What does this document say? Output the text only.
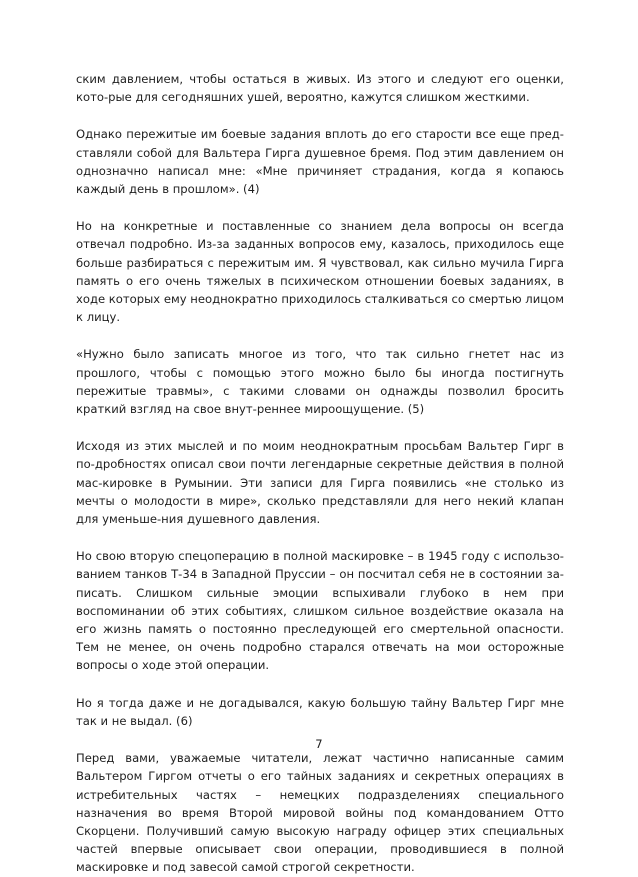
ским давлением, чтобы остаться в живых. Из этого и следуют его оценки, кото-рые для сегодняшних ушей, вероятно, кажутся слишком жесткими.

Однако пережитые им боевые задания вплоть до его старости все еще пред-ставляли собой для Вальтера Гирга душевное бремя. Под этим давлением он однозначно написал мне: «Мне причиняет страдания, когда я копаюсь каждый день в прошлом». (4)

Но на конкретные и поставленные со знанием дела вопросы он всегда отвечал подробно. Из-за заданных вопросов ему, казалось, приходилось еще больше разбираться с пережитым им. Я чувствовал, как сильно мучила Гирга память о его очень тяжелых в психическом отношении боевых заданиях, в ходе которых ему неоднократно приходилось сталкиваться со смертью лицом к лицу.

«Нужно было записать многое из того, что так сильно гнетет нас из прошлого, чтобы с помощью этого можно было бы иногда постигнуть пережитые травмы», с такими словами он однажды позволил бросить краткий взгляд на свое внут-реннее мироощущение. (5)

Исходя из этих мыслей и по моим неоднократным просьбам Вальтер Гирг в по-дробностях описал свои почти легендарные секретные действия в полной мас-кировке в Румынии. Эти записи для Гирга появились «не столько из мечты о молодости в мире», сколько представляли для него некий клапан для уменьше-ния душевного давления.

Но свою вторую спецоперацию в полной маскировке – в 1945 году с использо-ванием танков Т-34 в Западной Пруссии – он посчитал себя не в состоянии за-писать. Слишком сильные эмоции вспыхивали глубоко в нем при воспоминании об этих событиях, слишком сильное воздействие оказала на его жизнь память о постоянно преследующей его смертельной опасности. Тем не менее, он очень подробно старался отвечать на мои осторожные вопросы о ходе этой операции.

Но я тогда даже и не догадывался, какую большую тайну Вальтер Гирг мне так и не выдал. (6)

Перед вами, уважаемые читатели, лежат частично написанные самим Вальтером Гиргом отчеты о его тайных заданиях и секретных операциях в истребительных частях – немецких подразделениях специального назначения во время Второй мировой войны под командованием Отто Скорцени. Получивший самую высокую награду офицер этих специальных частей впервые описывает свои операции, проводившиеся в полной маскировке и под завесой самой строгой секретности.

7
